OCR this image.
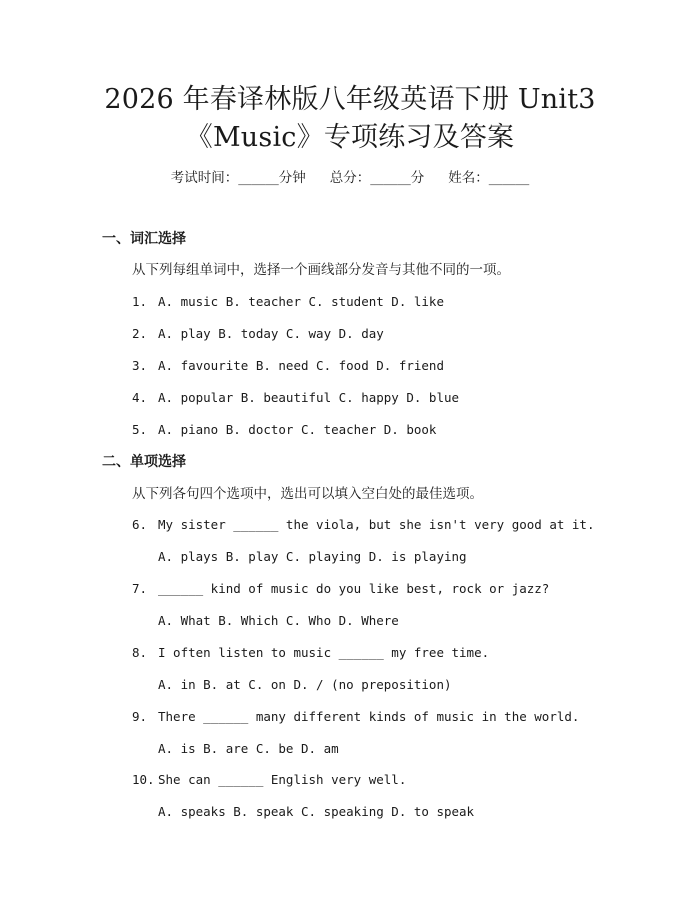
2026 年春译林版八年级英语下册 Unit3
《Music》专项练习及答案
考试时间：______分钟 总分：______分 姓名：______
一、词汇选择
从下列每组单词中，选择一个画线部分发音与其他不同的一项。
1. A. music B. teacher C. student D. like
2. A. play B. today C. way D. day
3. A. favourite B. need C. food D. friend
4. A. popular B. beautiful C. happy D. blue
5. A. piano B. doctor C. teacher D. book
二、单项选择
从下列各句四个选项中，选出可以填入空白处的最佳选项。
6. My sister ______ the viola, but she isn't very good at it.
A. plays B. play C. playing D. is playing
7. ______ kind of music do you like best, rock or jazz?
A. What B. Which C. Who D. Where
8. I often listen to music ______ my free time.
A. in B. at C. on D. / (no preposition)
9. There ______ many different kinds of music in the world.
A. is B. are C. be D. am
10. She can ______ English very well.
A. speaks B. speak C. speaking D. to speak
